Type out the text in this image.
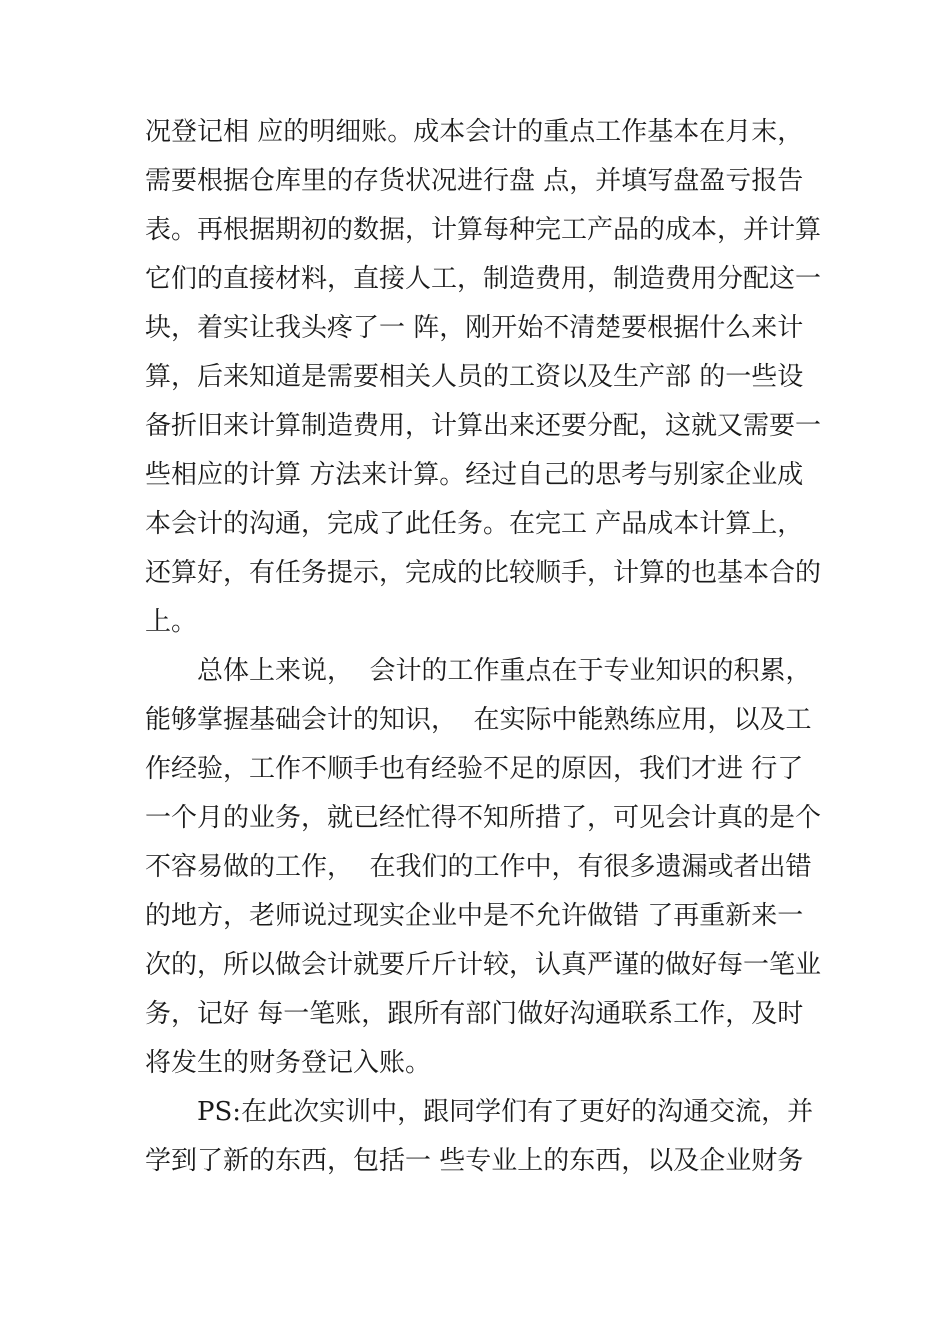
况登记相 应的明细账。成本会计的重点工作基本在月末，
需要根据仓库里的存货状况进行盘 点，并填写盘盈亏报告
表。再根据期初的数据，计算每种完工产品的成本，并计算
它们的直接材料，直接人工，制造费用，制造费用分配这一
块，着实让我头疼了一 阵，刚开始不清楚要根据什么来计
算，后来知道是需要相关人员的工资以及生产部 的一些设
备折旧来计算制造费用，计算出来还要分配，这就又需要一
些相应的计算 方法来计算。经过自己的思考与别家企业成
本会计的沟通，完成了此任务。在完工 产品成本计算上，
还算好，有任务提示，完成的比较顺手，计算的也基本合的
上。
总体上来说，  会计的工作重点在于专业知识的积累，
能够掌握基础会计的知识，  在实际中能熟练应用，以及工
作经验，工作不顺手也有经验不足的原因，我们才进 行了
一个月的业务，就已经忙得不知所措了，可见会计真的是个
不容易做的工作，  在我们的工作中，有很多遗漏或者出错
的地方，老师说过现实企业中是不允许做错 了再重新来一
次的，所以做会计就要斤斤计较，认真严谨的做好每一笔业
务，记好 每一笔账，跟所有部门做好沟通联系工作，及时
将发生的财务登记入账。
PS:在此次实训中，跟同学们有了更好的沟通交流，并
学到了新的东西，包括一 些专业上的东西，以及企业财务
